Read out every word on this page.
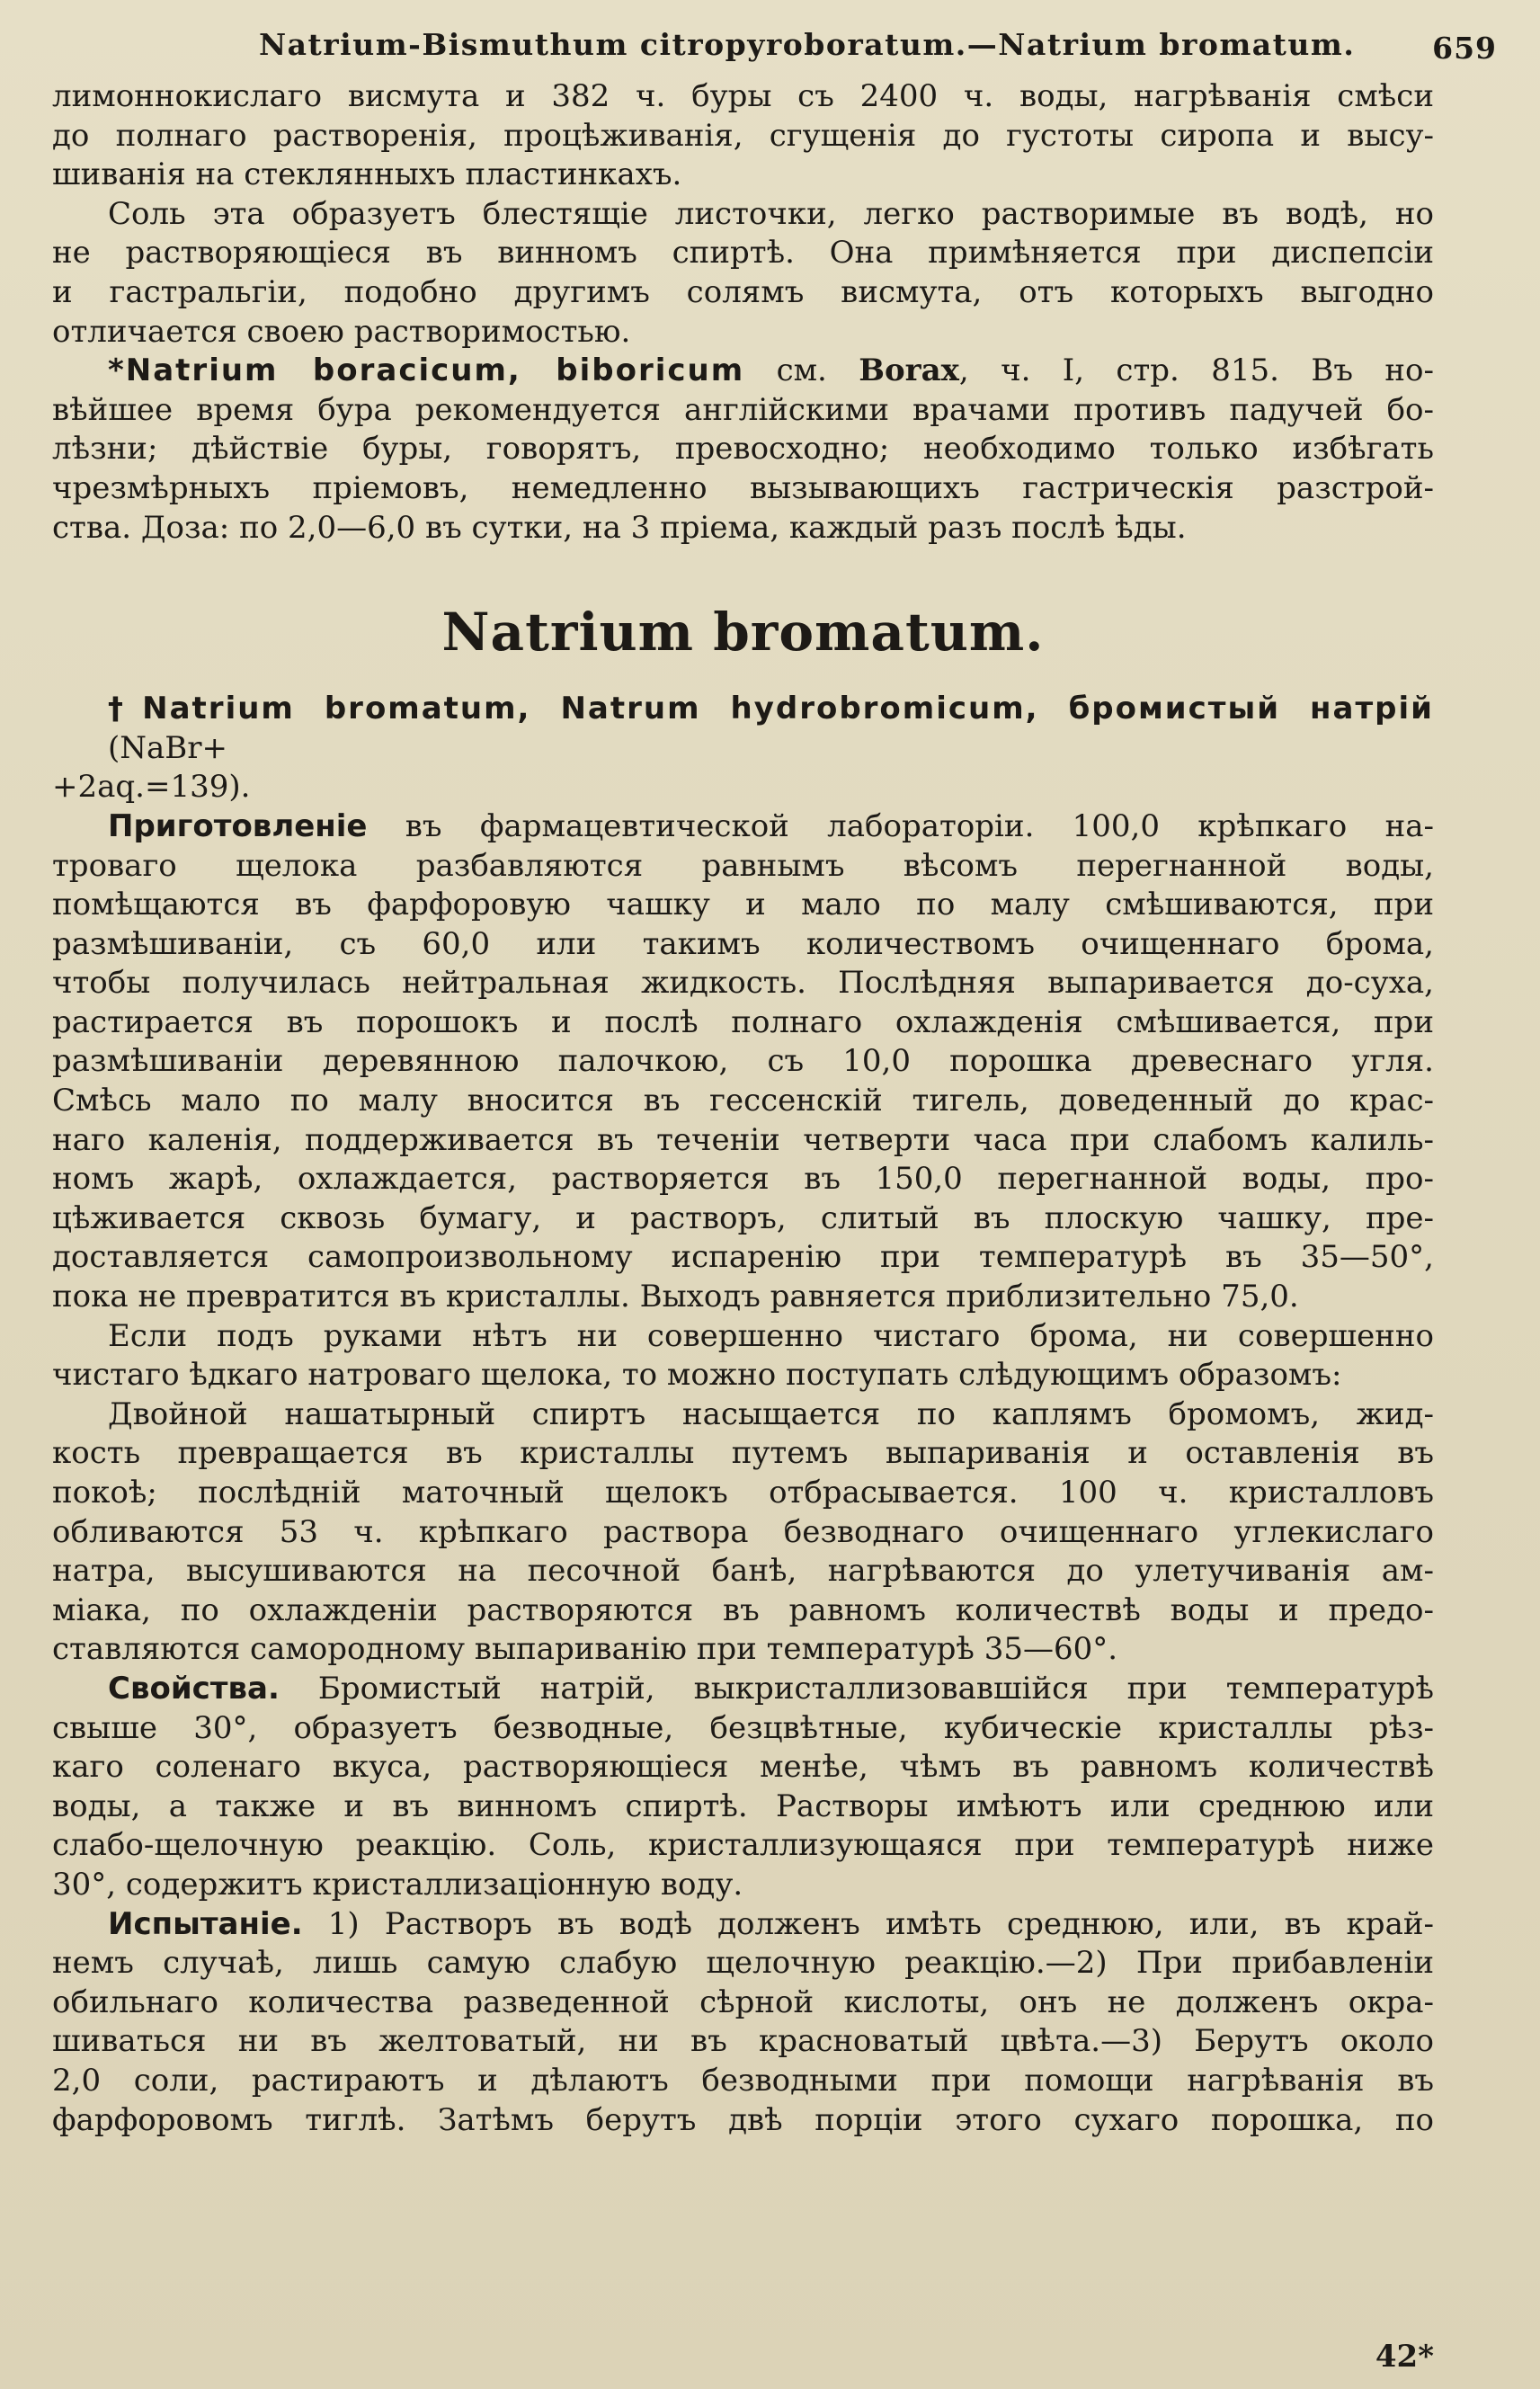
Natrium-Bismuthum citropyroboratum.—Natrium bromatum.	659

лимоннокислаго висмута и 382 ч. буры съ 2400 ч. воды, нагрѣванія смѣси
до полнаго растворенія, процѣживанія, сгущенія до густоты сиропа и высу-
шиванія на стеклянныхъ пластинкахъ.

Соль эта образуетъ блестящіе листочки, легко растворимые въ водѣ, но
не растворяющіеся въ винномъ спиртѣ. Она примѣняется при диспепсіи
и гастральгіи, подобно другимъ солямъ висмута, отъ которыхъ выгодно
отличается своею растворимостью.

*Natrium boracicum, biboricum см. Borax, ч. I, стр. 815. Въ но-
вѣйшее время бура рекомендуется англійскими врачами противъ падучей бо-
лѣзни; дѣйствіе буры, говорятъ, превосходно; необходимо только избѣгать
чрезмѣрныхъ пріемовъ, немедленно вызывающихъ гастрическія разстрой-
ства. Доза: по 2,0—6,0 въ сутки, на 3 пріема, каждый разъ послѣ ѣды.

Natrium bromatum.

†Natrium bromatum, Natrum hydrobromicum, бромистый натрій (NaBr+
+2aq.=139).

Приготовленіе въ фармацевтической лабораторіи. 100,0 крѣпкаго на-
троваго щелока разбавляются равнымъ вѣсомъ перегнанной воды,
помѣщаются въ фарфоровую чашку и мало по малу смѣшиваются, при
размѣшиваніи, съ 60,0 или такимъ количествомъ очищеннаго брома,
чтобы получилась нейтральная жидкость. Послѣдняя выпаривается до-суха,
растирается въ порошокъ и послѣ полнаго охлажденія смѣшивается, при
размѣшиваніи деревянною палочкою, съ 10,0 порошка древеснаго угля.
Смѣсь мало по малу вносится въ гессенскій тигель, доведенный до крас-
наго каленія, поддерживается въ теченіи четверти часа при слабомъ калиль-
номъ жарѣ, охлаждается, растворяется въ 150,0 перегнанной воды, про-
цѣживается сквозь бумагу, и растворъ, слитый въ плоскую чашку, пре-
доставляется самопроизвольному испаренію при температурѣ въ 35—50°,
пока не превратится въ кристаллы. Выходъ равняется приблизительно 75,0.

Если подъ руками нѣтъ ни совершенно чистаго брома, ни совершенно
чистаго ѣдкаго натроваго щелока, то можно поступать слѣдующимъ образомъ:

Двойной нашатырный спиртъ насыщается по каплямъ бромомъ, жид-
кость превращается въ кристаллы путемъ выпариванія и оставленія въ
покоѣ; послѣдній маточный щелокъ отбрасывается. 100 ч. кристалловъ
обливаются 53 ч. крѣпкаго раствора безводнаго очищеннаго углекислаго
натра, высушиваются на песочной банѣ, нагрѣваются до улетучиванія ам-
міака, по охлажденіи растворяются въ равномъ количествѣ воды и предо-
ставляются самородному выпариванію при температурѣ 35—60°.

Свойства. Бромистый натрій, выкристаллизовавшійся при температурѣ
свыше 30°, образуетъ безводные, безцвѣтные, кубическіе кристаллы рѣз-
каго соленаго вкуса, растворяющіеся менѣе, чѣмъ въ равномъ количествѣ
воды, а также и въ винномъ спиртѣ. Растворы имѣютъ или среднюю или
слабо-щелочную реакцію. Соль, кристаллизующаяся при температурѣ ниже
30°, содержитъ кристаллизаціонную воду.

Испытаніе. 1) Растворъ въ водѣ долженъ имѣть среднюю, или, въ край-
немъ случаѣ, лишь самую слабую щелочную реакцію.—2) При прибавленіи
обильнаго количества разведенной сѣрной кислоты, онъ не долженъ окра-
шиваться ни въ желтоватый, ни въ красноватый цвѣта.—3) Берутъ около
2,0 соли, растираютъ и дѣлаютъ безводными при помощи нагрѣванія въ
фарфоровомъ тиглѣ. Затѣмъ берутъ двѣ порціи этого сухаго порошка, по

42*
